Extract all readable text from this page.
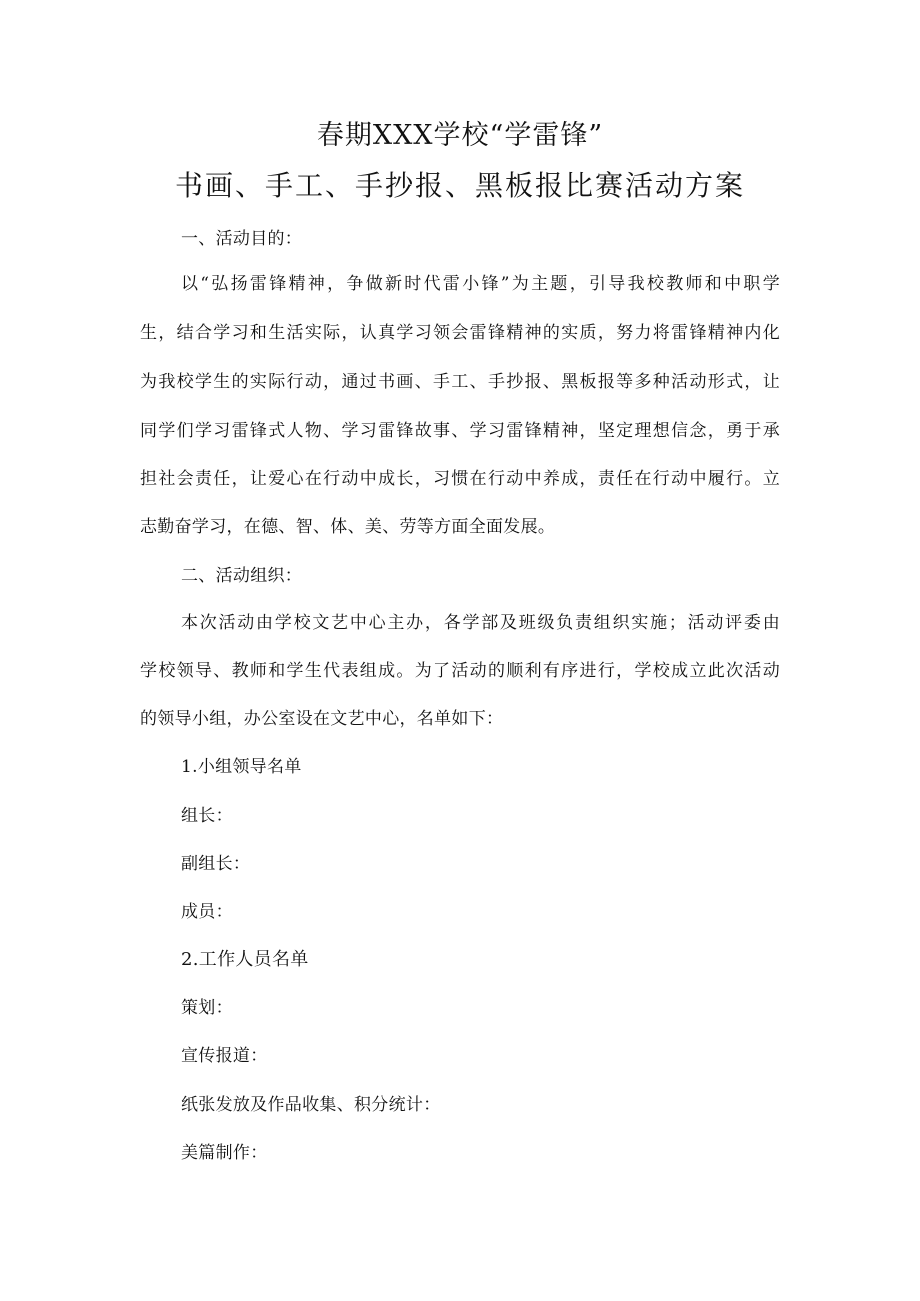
春期XXX学校“学雷锋”
书画、手工、手抄报、黑板报比赛活动方案
一、活动目的：
以“弘扬雷锋精神，争做新时代雷小锋”为主题，引导我校教师和中职学
生，结合学习和生活实际，认真学习领会雷锋精神的实质，努力将雷锋精神内化
为我校学生的实际行动，通过书画、手工、手抄报、黑板报等多种活动形式，让
同学们学习雷锋式人物、学习雷锋故事、学习雷锋精神，坚定理想信念，勇于承
担社会责任，让爱心在行动中成长，习惯在行动中养成，责任在行动中履行。立
志勤奋学习，在德、智、体、美、劳等方面全面发展。
二、活动组织：
本次活动由学校文艺中心主办，各学部及班级负责组织实施；活动评委由
学校领导、教师和学生代表组成。为了活动的顺利有序进行，学校成立此次活动
的领导小组，办公室设在文艺中心，名单如下：
1.小组领导名单
组长：
副组长：
成员：
2.工作人员名单
策划：
宣传报道：
纸张发放及作品收集、积分统计：
美篇制作：
